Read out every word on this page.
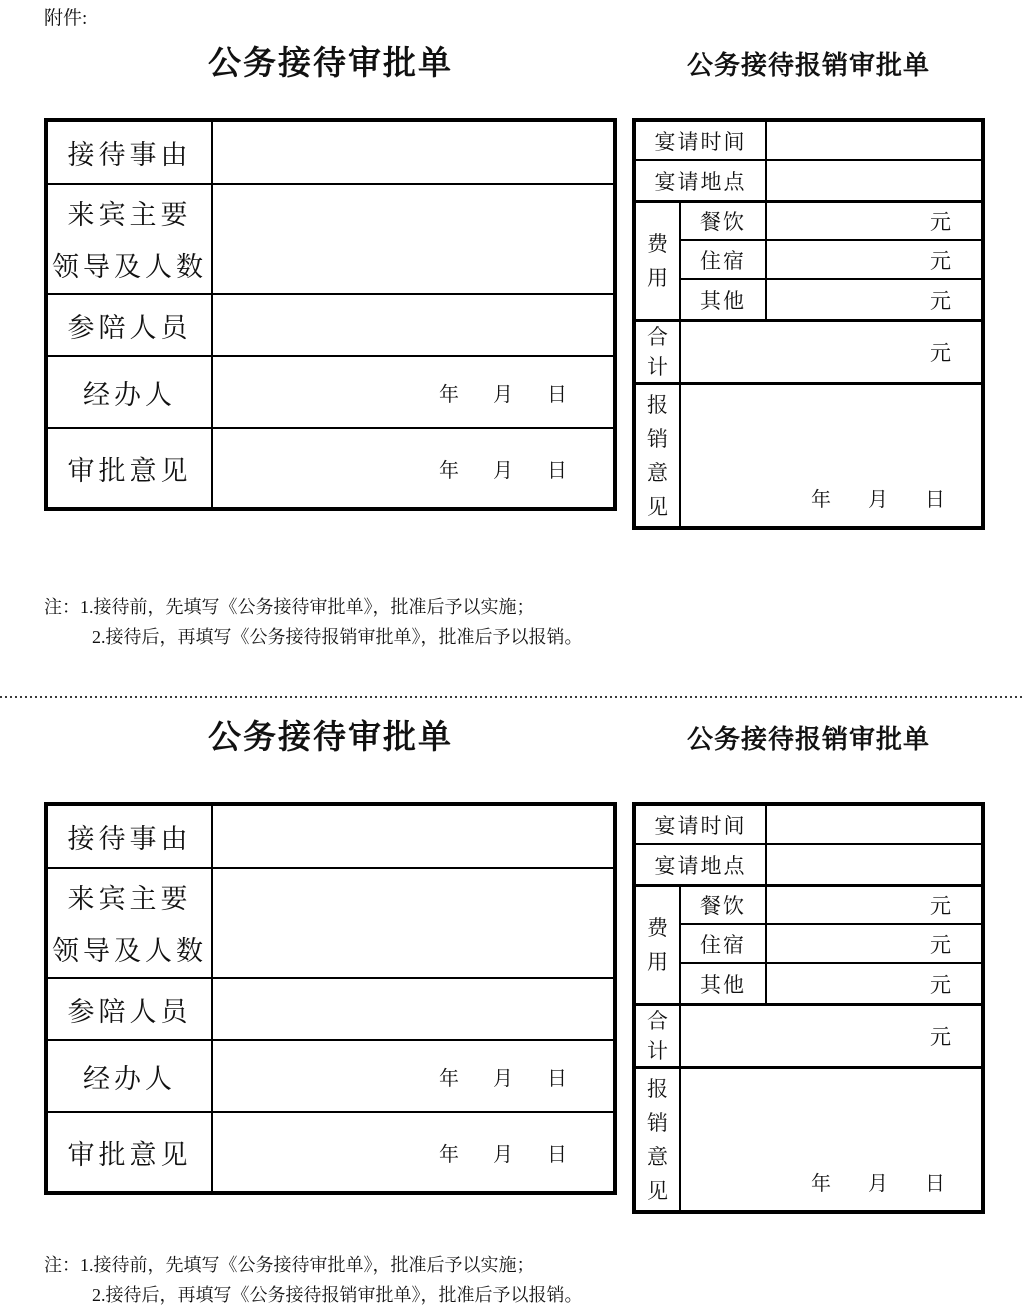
附件:
公务接待审批单	公务接待报销审批单
接待事由	

来宾主要
领导及人数	

参陪人员	
经办人	年 月 日
审批意见	年 月 日
宴请时间		
宴请地点		

费用	餐饮	元
	住宿	元
	其他	元

合计	元	

报销意见	年 月 日	
注：1.接待前，先填写《公务接待审批单》，批准后予以实施；
2.接待后，再填写《公务接待报销审批单》，批准后予以报销。
公务接待审批单	公务接待报销审批单
接待事由	

来宾主要
领导及人数	

参陪人员	
经办人	年 月 日
审批意见	年 月 日
宴请时间		
宴请地点		

费用	餐饮	元
	住宿	元
	其他	元

合计	元	

报销意见	年 月 日	
注：1.接待前，先填写《公务接待审批单》，批准后予以实施；
2.接待后，再填写《公务接待报销审批单》，批准后予以报销。
